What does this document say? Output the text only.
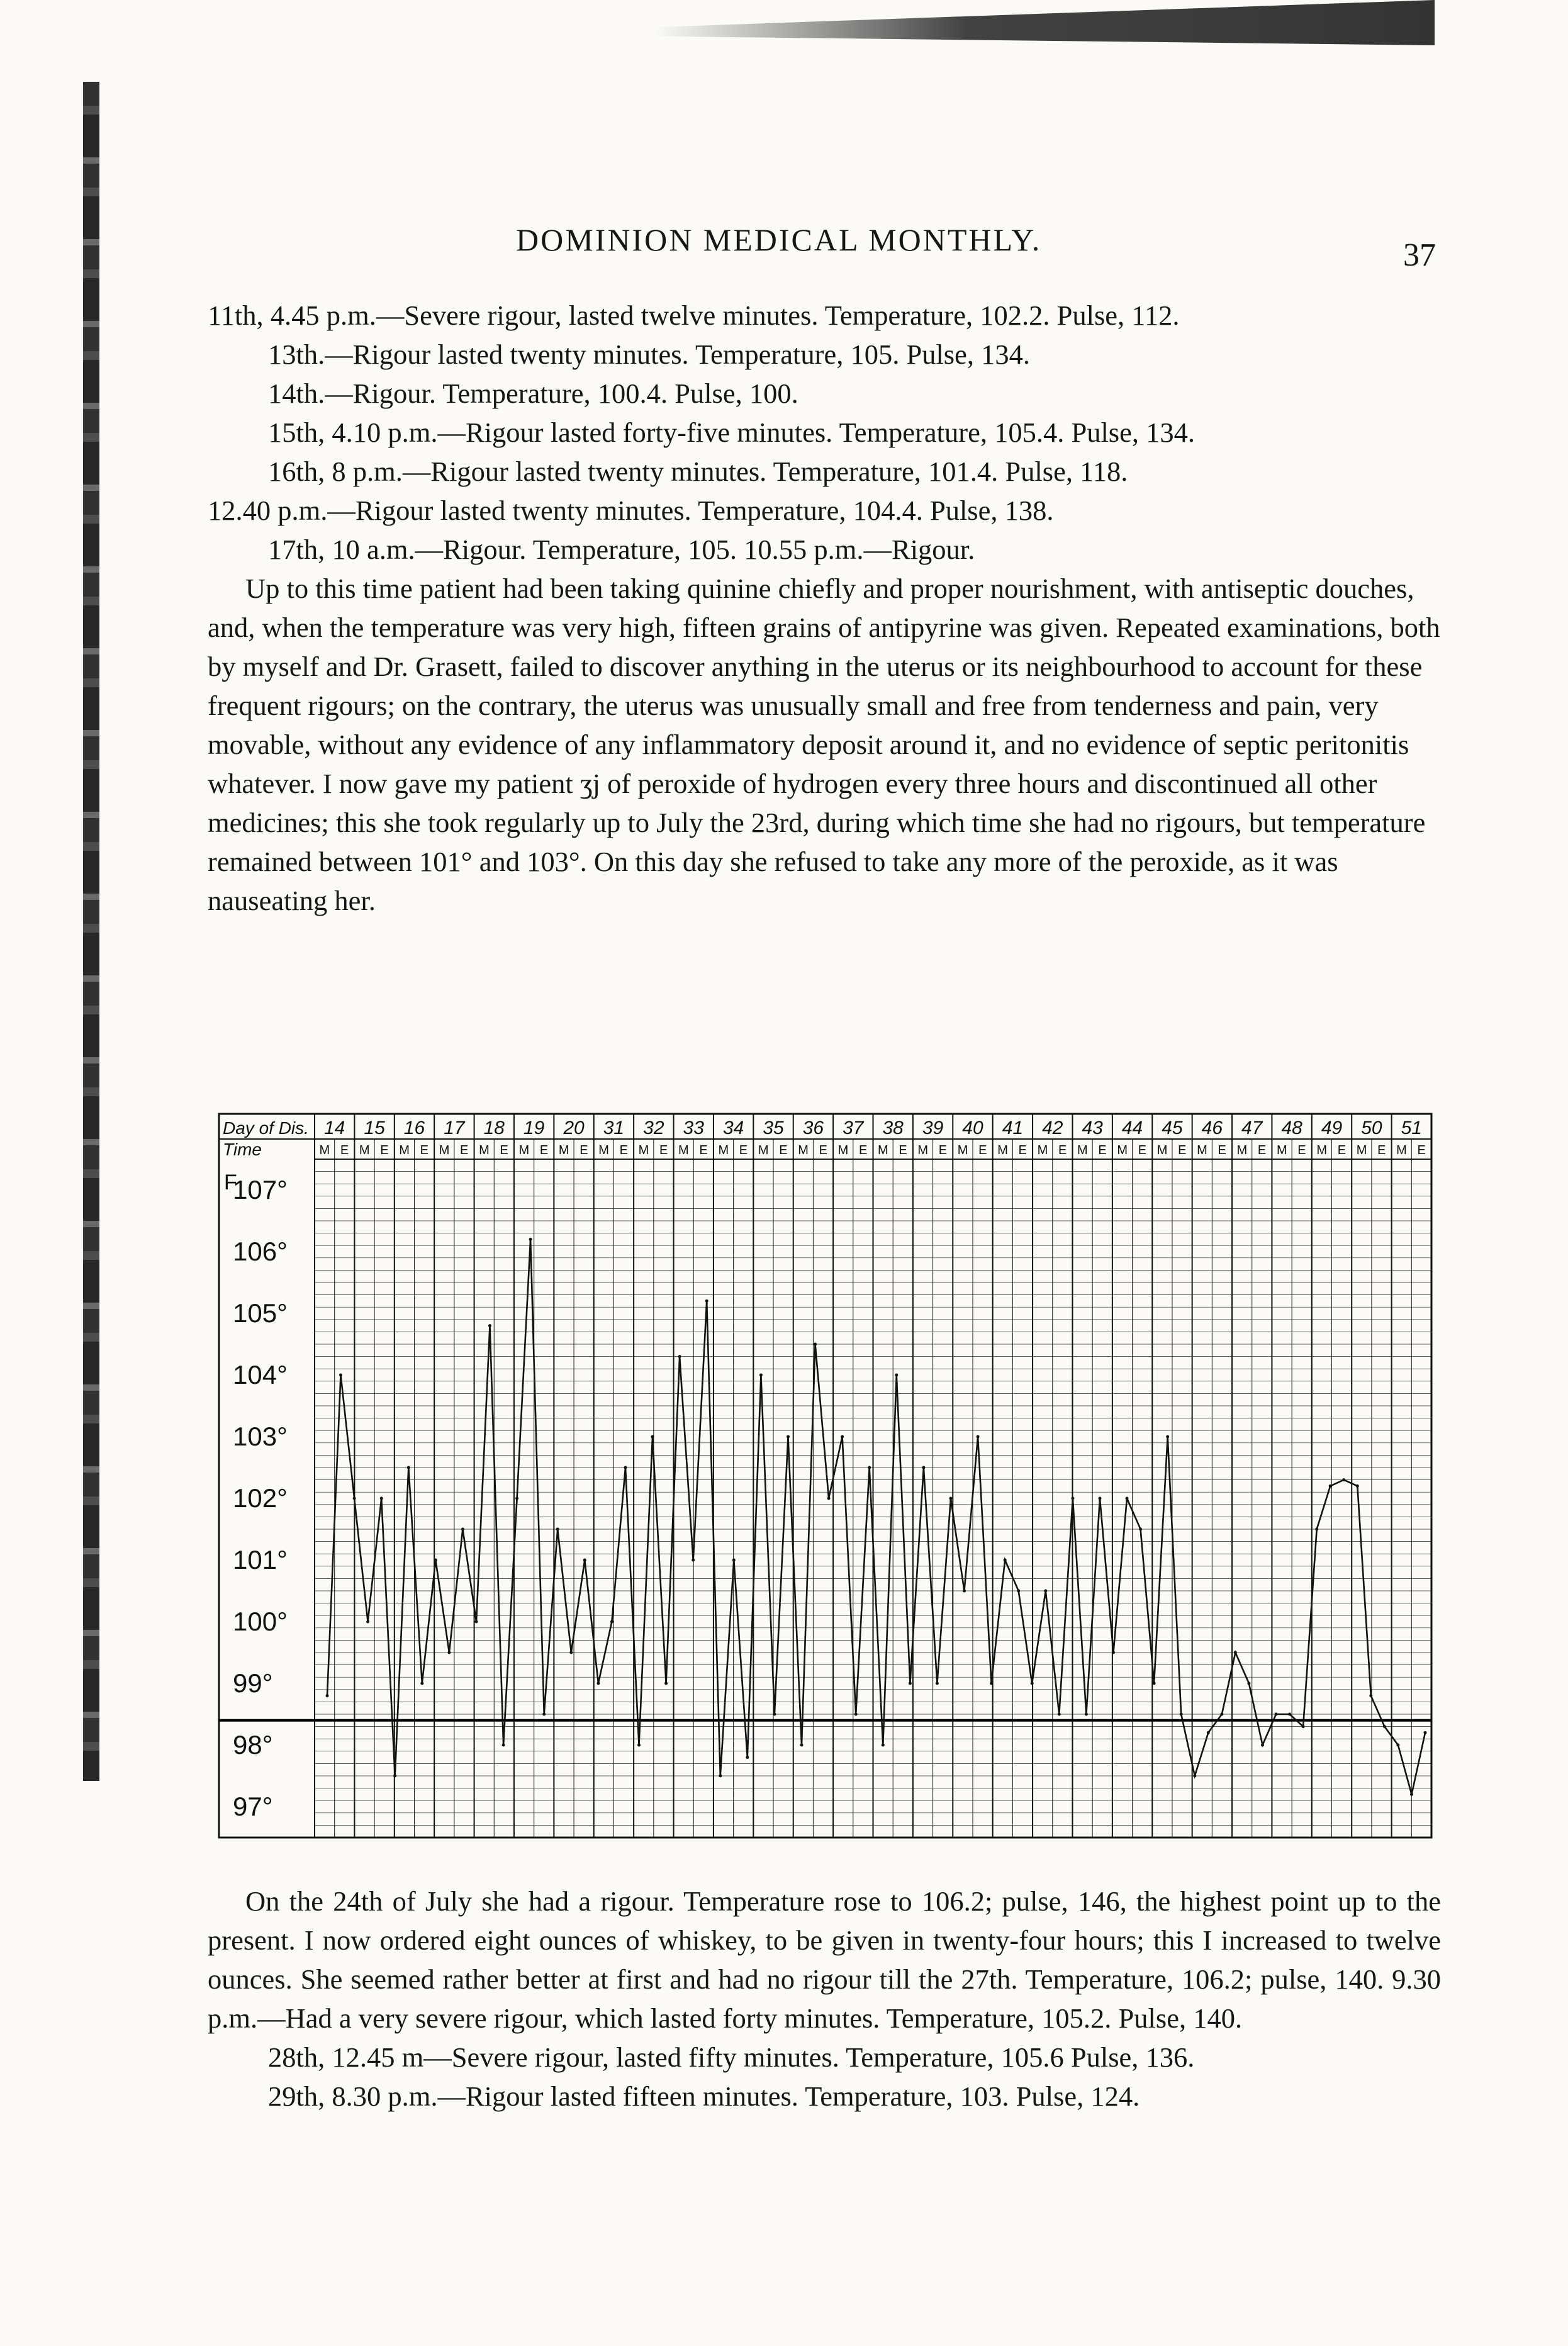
DOMINION MEDICAL MONTHLY.	37

11th, 4.45 p.m.—Severe rigour, lasted twelve minutes. Temperature, 102.2. Pulse, 112.

13th.—Rigour lasted twenty minutes. Temperature, 105. Pulse, 134.

14th.—Rigour. Temperature, 100.4. Pulse, 100.

15th, 4.10 p.m.—Rigour lasted forty-five minutes. Temperature, 105.4. Pulse, 134.

16th, 8 p.m.—Rigour lasted twenty minutes. Temperature, 101.4. Pulse, 118.

12.40 p.m.—Rigour lasted twenty minutes. Temperature, 104.4. Pulse, 138.

17th, 10 a.m.—Rigour. Temperature, 105. 10.55 p.m.—Rigour.

Up to this time patient had been taking quinine chiefly and proper nourishment, with antiseptic douches, and, when the temperature was very high, fifteen grains of antipyrine was given. Repeated examinations, both by myself and Dr. Grasett, failed to discover anything in the uterus or its neighbourhood to account for these frequent rigours; on the contrary, the uterus was unusually small and free from tenderness and pain, very movable, without any evidence of any inflammatory deposit around it, and no evidence of septic peritonitis whatever. I now gave my patient ʒj of peroxide of hydrogen every three hours and discontinued all other medicines; this she took regularly up to July the 23rd, during which time she had no rigours, but temperature remained between 101° and 103°. On this day she refused to take any more of the peroxide, as it was nauseating her.

Day of Dis.
Time
F
14
M E
15
M E
16
M E
17
M E
18
M E
19
M E
20
M E
31
M E
32
M E
33
M E
34
M E
35
M E
36
M E
37
M E
38
M E
39
M E
40
M E
41
M E
42
M E
43
M E
44
M E
45
M E
46
M E
47
M E
48
M E
49
M E
50
M E
51
M E
107°
106°
105°
104°
103°
102°
101°
100°
99°
98°
97°

On the 24th of July she had a rigour. Temperature rose to 106.2; pulse, 146, the highest point up to the present. I now ordered eight ounces of whiskey, to be given in twenty-four hours; this I increased to twelve ounces. She seemed rather better at first and had no rigour till the 27th. Temperature, 106.2; pulse, 140. 9.30 p.m.—Had a very severe rigour, which lasted forty minutes. Temperature, 105.2. Pulse, 140.

28th, 12.45 m—Severe rigour, lasted fifty minutes. Temperature, 105.6 Pulse, 136.

29th, 8.30 p.m.—Rigour lasted fifteen minutes. Temperature, 103. Pulse, 124.
